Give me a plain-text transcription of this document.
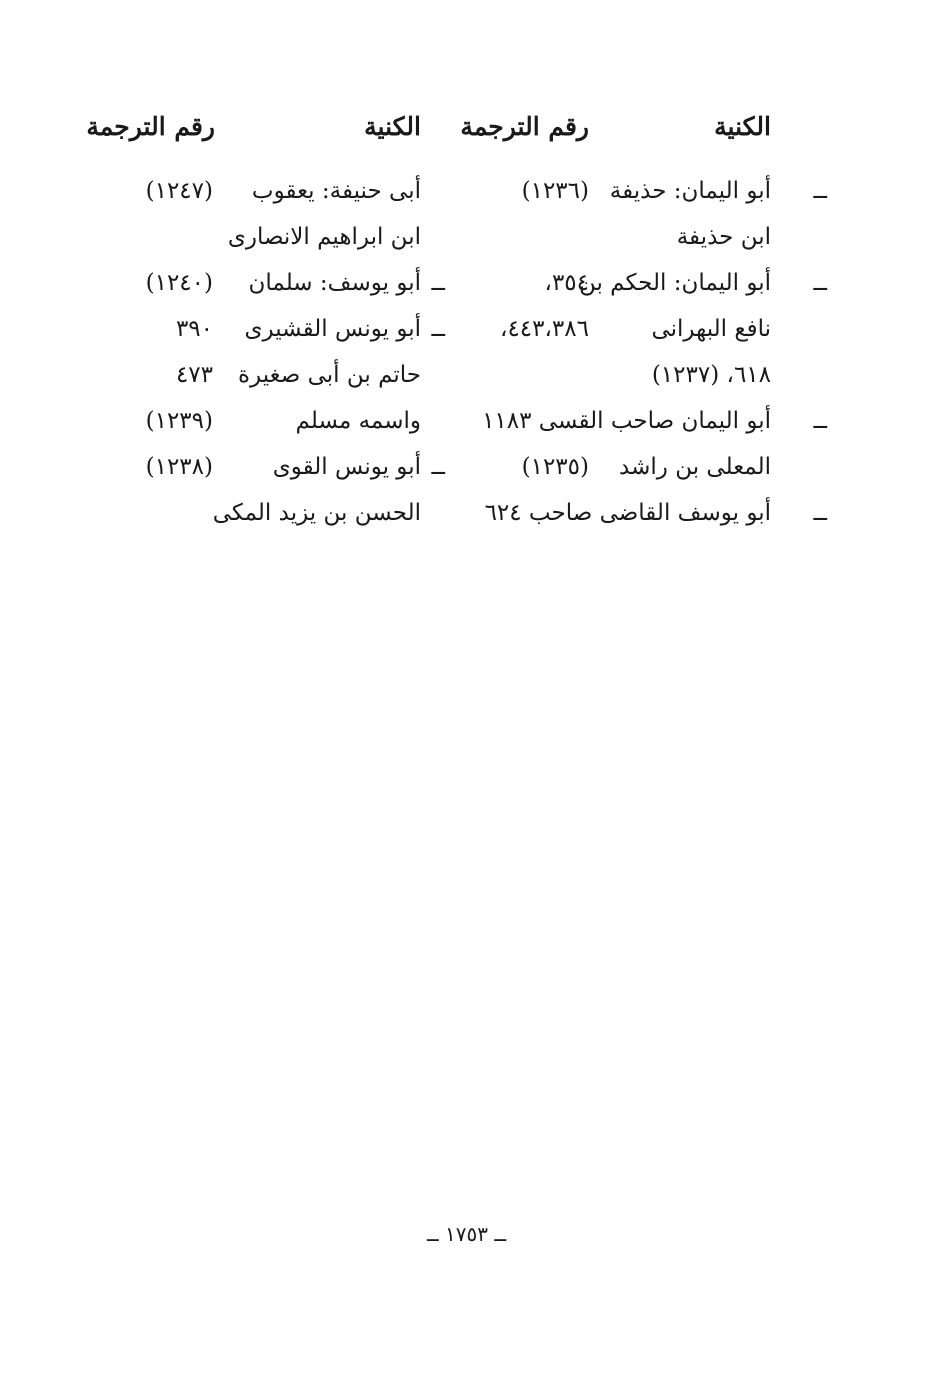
الكنية
رقم الترجمة
الكنية
رقم الترجمة
ــ
أبو اليمان: حذيفة
(١٢٣٦)
ابن حذيفة
ــ
أبو اليمان: الحكم بن
٣٥٤،
نافع البهرانى
٤٤٣،٣٨٦،
٦١٨، (١٢٣٧)
ــ
أبو اليمان صاحب القسى ١١٨٣
المعلى بن راشد
(١٢٣٥)
ــ
أبو يوسف القاضى صاحب ٦٢٤
أبى حنيفة: يعقوب
(١٢٤٧)
ابن ابراهيم الانصارى
ــ
أبو يوسف: سلمان
(١٢٤٠)
ــ
أبو يونس القشيرى
٣٩٠
حاتم بن أبى صغيرة
٤٧٣
واسمه مسلم
(١٢٣٩)
ــ
أبو يونس القوى
(١٢٣٨)
الحسن بن يزيد المكى
ــ ١٧٥٣ ــ
